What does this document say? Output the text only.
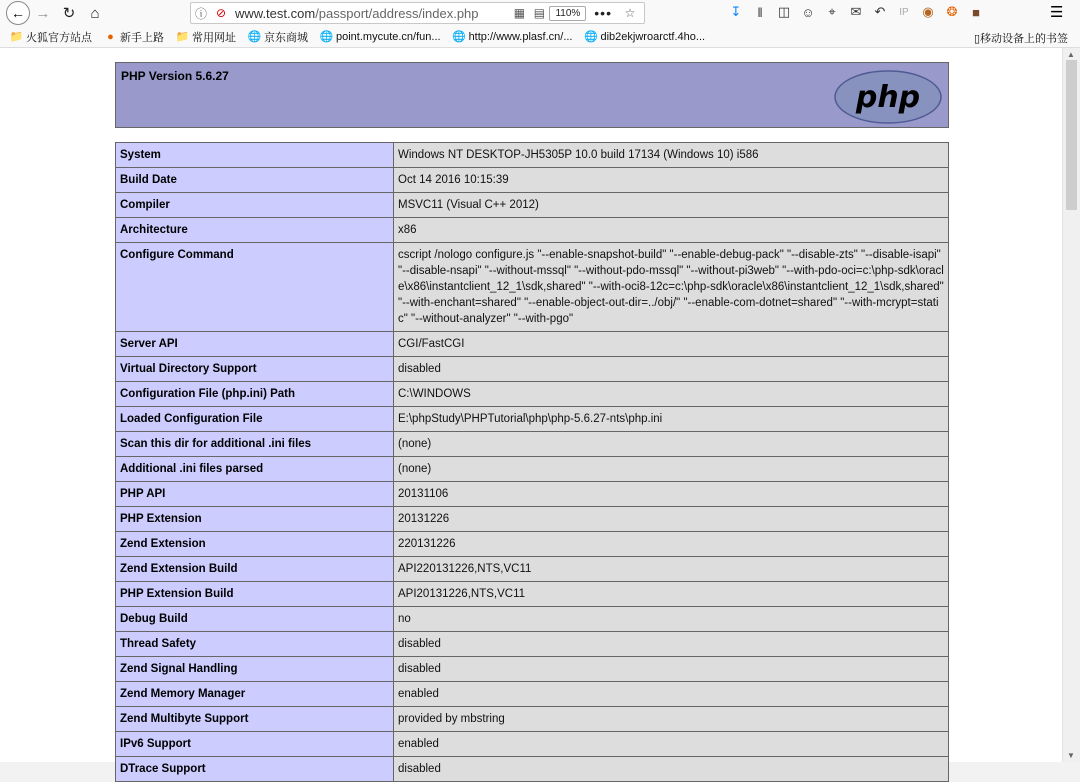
← → ↻ ⌂	ⓘ ⊘ www.test.com/passport/address/index.php	▦ ▤	110%	•••	☆	↧	‖	◫ ☺	⌖	✉ ↶	IP ◉ ❂	■	☰
📁 火狐官方站点 ● 新手上路 📁 常用网址 🌐 京东商城 🌐 point.mycute.cn/fun... 🌐 http://www.plasf.cn/... 🌐 dib2ekjwroarctf.4ho...	▯移动设备上的书签
PHP Version 5.6.27
php
System	Windows NT DESKTOP-JH5305P 10.0 build 17134 (Windows 10) i586
Build Date	Oct 14 2016 10:15:39
Compiler	MSVC11 (Visual C++ 2012)
Architecture	x86
Configure Command	cscript /nologo configure.js "--enable-snapshot-build" "--enable-debug-pack" "--disable-zts" "--disable-isapi" "--disable-nsapi" "--without-mssql" "--without-pdo-mssql" "--without-pi3web" "--with-pdo-oci=c:\php-sdk\oracle\x86\instantclient_12_1\sdk,shared" "--with-oci8-12c=c:\php-sdk\oracle\x86\instantclient_12_1\sdk,shared" "--with-enchant=shared" "--enable-object-out-dir=../obj/" "--enable-com-dotnet=shared" "--with-mcrypt=static" "--without-analyzer" "--with-pgo"
Server API	CGI/FastCGI
Virtual Directory Support	disabled
Configuration File (php.ini) Path	C:\WINDOWS
Loaded Configuration File	E:\phpStudy\PHPTutorial\php\php-5.6.27-nts\php.ini
Scan this dir for additional .ini files	(none)
Additional .ini files parsed	(none)
PHP API	20131106
PHP Extension	20131226
Zend Extension	220131226
Zend Extension Build	API220131226,NTS,VC11
PHP Extension Build	API20131226,NTS,VC11
Debug Build	no
Thread Safety	disabled
Zend Signal Handling	disabled
Zend Memory Manager	enabled
Zend Multibyte Support	provided by mbstring
IPv6 Support	enabled
DTrace Support	disabled
▲
▼
